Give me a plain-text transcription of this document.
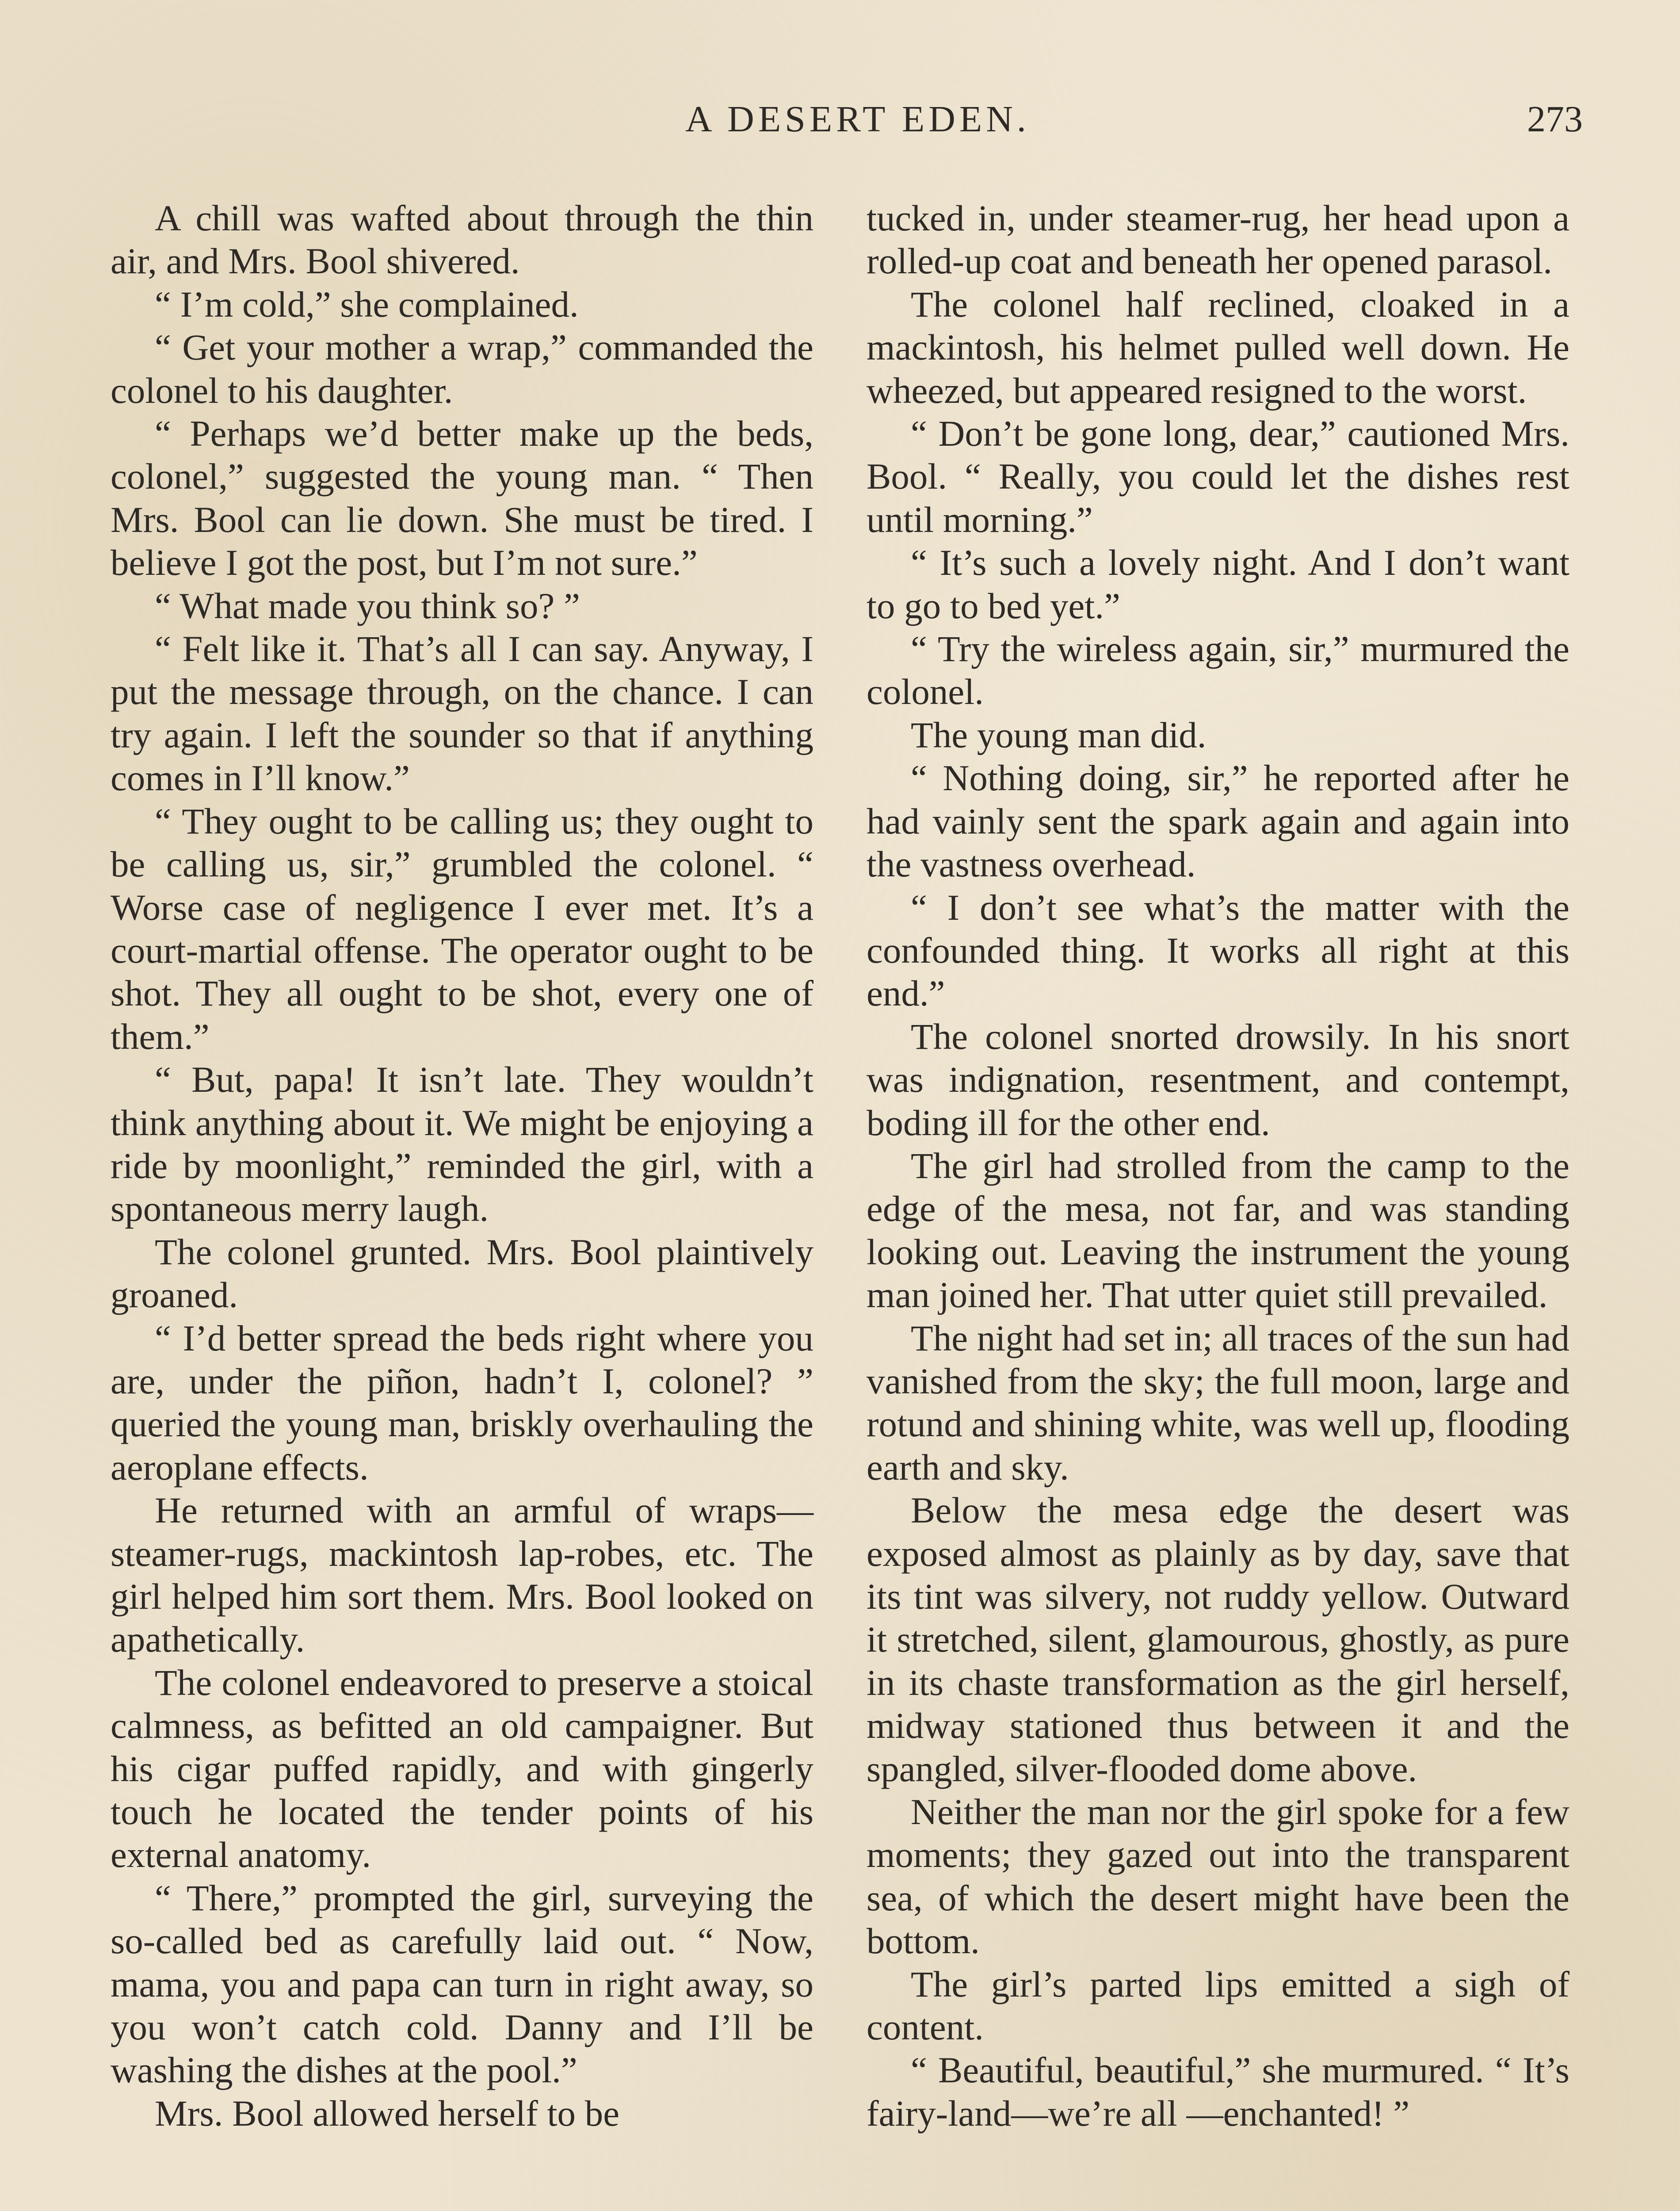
A DESERT EDEN.	273

A chill was wafted about through the thin air, and Mrs. Bool shivered.

“ I’m cold,” she complained.

“ Get your mother a wrap,” commanded the colonel to his daughter.

“ Perhaps we’d better make up the beds, colonel,” suggested the young man. “ Then Mrs. Bool can lie down. She must be tired. I believe I got the post, but I’m not sure.”

“ What made you think so? ”

“ Felt like it. That’s all I can say. Anyway, I put the message through, on the chance. I can try again. I left the sounder so that if anything comes in I’ll know.”

“ They ought to be calling us; they ought to be calling us, sir,” grumbled the colonel. “ Worse case of negligence I ever met. It’s a court-martial offense. The operator ought to be shot. They all ought to be shot, every one of them.”

“ But, papa! It isn’t late. They wouldn’t think anything about it. We might be enjoying a ride by moonlight,” reminded the girl, with a spontaneous merry laugh.

The colonel grunted. Mrs. Bool plaintively groaned.

“ I’d better spread the beds right where you are, under the piñon, hadn’t I, colonel? ” queried the young man, briskly overhauling the aeroplane effects.

He returned with an armful of wraps—steamer-rugs, mackintosh lap-robes, etc. The girl helped him sort them. Mrs. Bool looked on apathetically.

The colonel endeavored to preserve a stoical calmness, as befitted an old campaigner. But his cigar puffed rapidly, and with gingerly touch he located the tender points of his external anatomy.

“ There,” prompted the girl, surveying the so-called bed as carefully laid out. “ Now, mama, you and papa can turn in right away, so you won’t catch cold. Danny and I’ll be washing the dishes at the pool.”

Mrs. Bool allowed herself to be

tucked in, under steamer-rug, her head upon a rolled-up coat and beneath her opened parasol.

The colonel half reclined, cloaked in a mackintosh, his helmet pulled well down. He wheezed, but appeared resigned to the worst.

“ Don’t be gone long, dear,” cautioned Mrs. Bool. “ Really, you could let the dishes rest until morning.”

“ It’s such a lovely night. And I don’t want to go to bed yet.”

“ Try the wireless again, sir,” murmured the colonel.

The young man did.

“ Nothing doing, sir,” he reported after he had vainly sent the spark again and again into the vastness overhead.

“ I don’t see what’s the matter with the confounded thing. It works all right at this end.”

The colonel snorted drowsily. In his snort was indignation, resentment, and contempt, boding ill for the other end.

The girl had strolled from the camp to the edge of the mesa, not far, and was standing looking out. Leaving the instrument the young man joined her. That utter quiet still prevailed.

The night had set in; all traces of the sun had vanished from the sky; the full moon, large and rotund and shining white, was well up, flooding earth and sky.

Below the mesa edge the desert was exposed almost as plainly as by day, save that its tint was silvery, not ruddy yellow. Outward it stretched, silent, glamourous, ghostly, as pure in its chaste transformation as the girl herself, midway stationed thus between it and the spangled, silver-flooded dome above.

Neither the man nor the girl spoke for a few moments; they gazed out into the transparent sea, of which the desert might have been the bottom.

The girl’s parted lips emitted a sigh of content.

“ Beautiful, beautiful,” she murmured. “ It’s fairy-land—we’re all —enchanted! ”
